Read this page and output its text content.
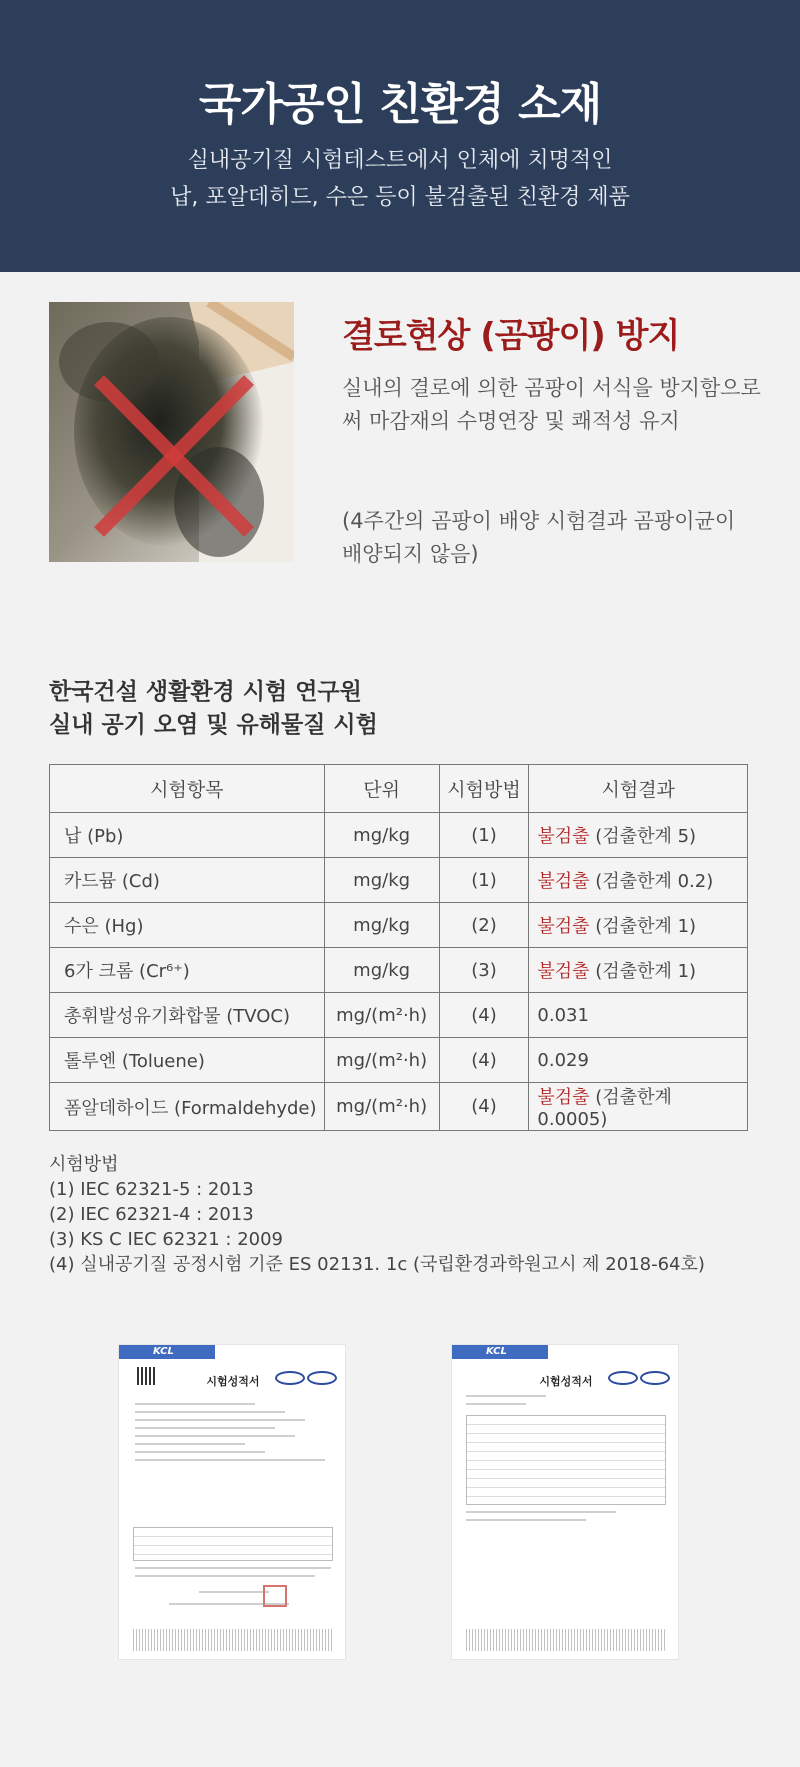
국가공인 친환경 소재
실내공기질 시험테스트에서 인체에 치명적인
납, 포알데히드, 수은 등이 불검출된 친환경 제품
결로현상 (곰팡이) 방지

실내의 결로에 의한 곰팡이 서식을 방지함으로써 마감재의 수명연장 및 쾌적성 유지

(4주간의 곰팡이 배양 시험결과 곰팡이균이 배양되지 않음)

한국건설 생활환경 시험 연구원
실내 공기 오염 및 유해물질 시험
시험항목	단위	시험방법	시험결과
납 (Pb)	mg/kg	(1)	불검출 (검출한계 5)
카드뮴 (Cd)	mg/kg	(1)	불검출 (검출한계 0.2)
수은 (Hg)	mg/kg	(2)	불검출 (검출한계 1)
6가 크롬 (Cr⁶⁺)	mg/kg	(3)	불검출 (검출한계 1)
총휘발성유기화합물 (TVOC)	mg/(m²·h)	(4)	0.031
톨루엔 (Toluene)	mg/(m²·h)	(4)	0.029
폼알데하이드 (Formaldehyde)	mg/(m²·h)	(4)	불검출 (검출한계 0.0005)
시험방법
(1) IEC 62321-5 : 2013
(2) IEC 62321-4 : 2013
(3) KS C IEC 62321 : 2009
(4) 실내공기질 공정시험 기준 ES 02131. 1c (국립환경과학원고시 제 2018-64호)
KCL
시험성적서
KCL
시험성적서
